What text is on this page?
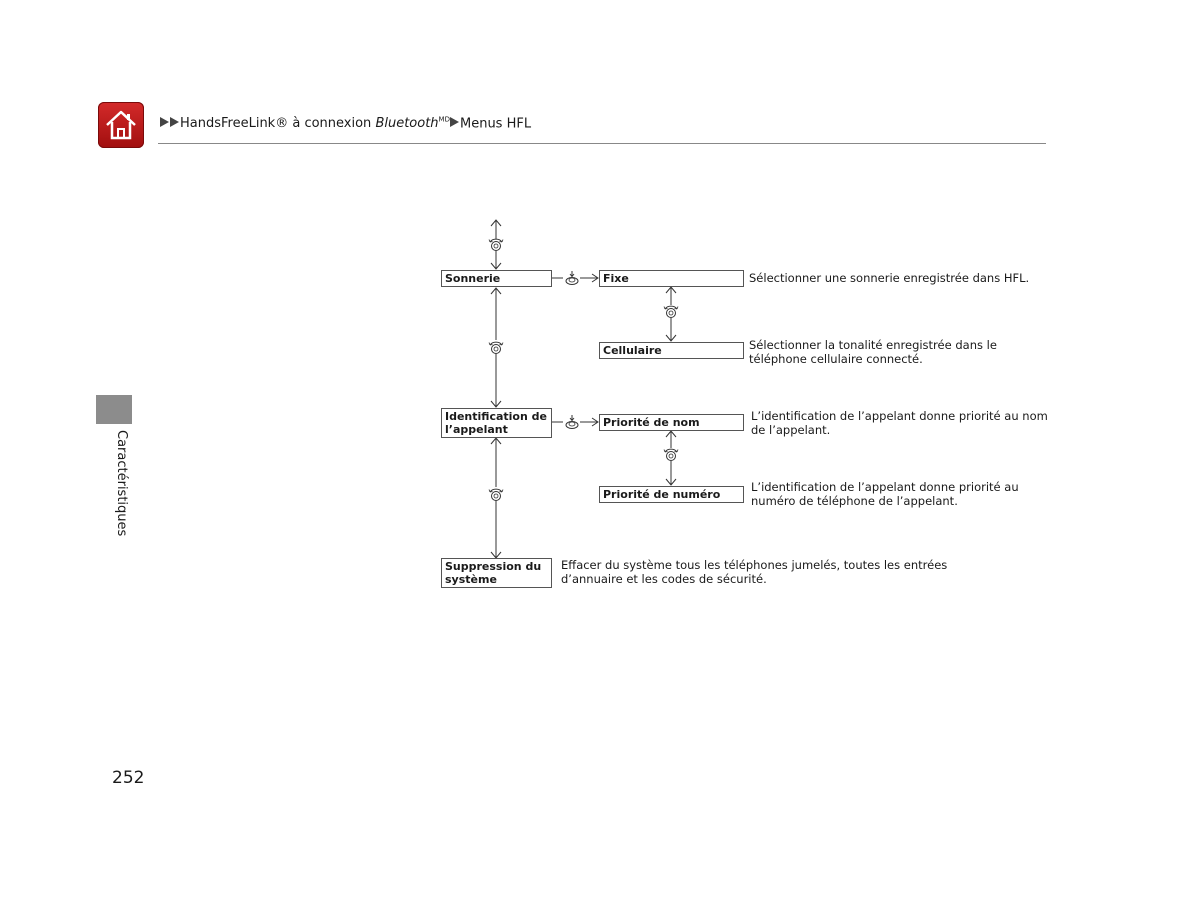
HandsFreeLink® à connexion Bluetooth$^{MD}$ Menus HFL
Caractéristiques
252
Sonnerie
Identification de
l’appelant
Suppression du
système
Fixe
Cellulaire
Priorité de nom
Priorité de numéro
Sélectionner une sonnerie enregistrée dans HFL.
Sélectionner la tonalité enregistrée dans le
téléphone cellulaire connecté.
L’identification de l’appelant donne priorité au nom
de l’appelant.
L’identification de l’appelant donne priorité au
numéro de téléphone de l’appelant.
Effacer du système tous les téléphones jumelés, toutes les entrées
d’annuaire et les codes de sécurité.
